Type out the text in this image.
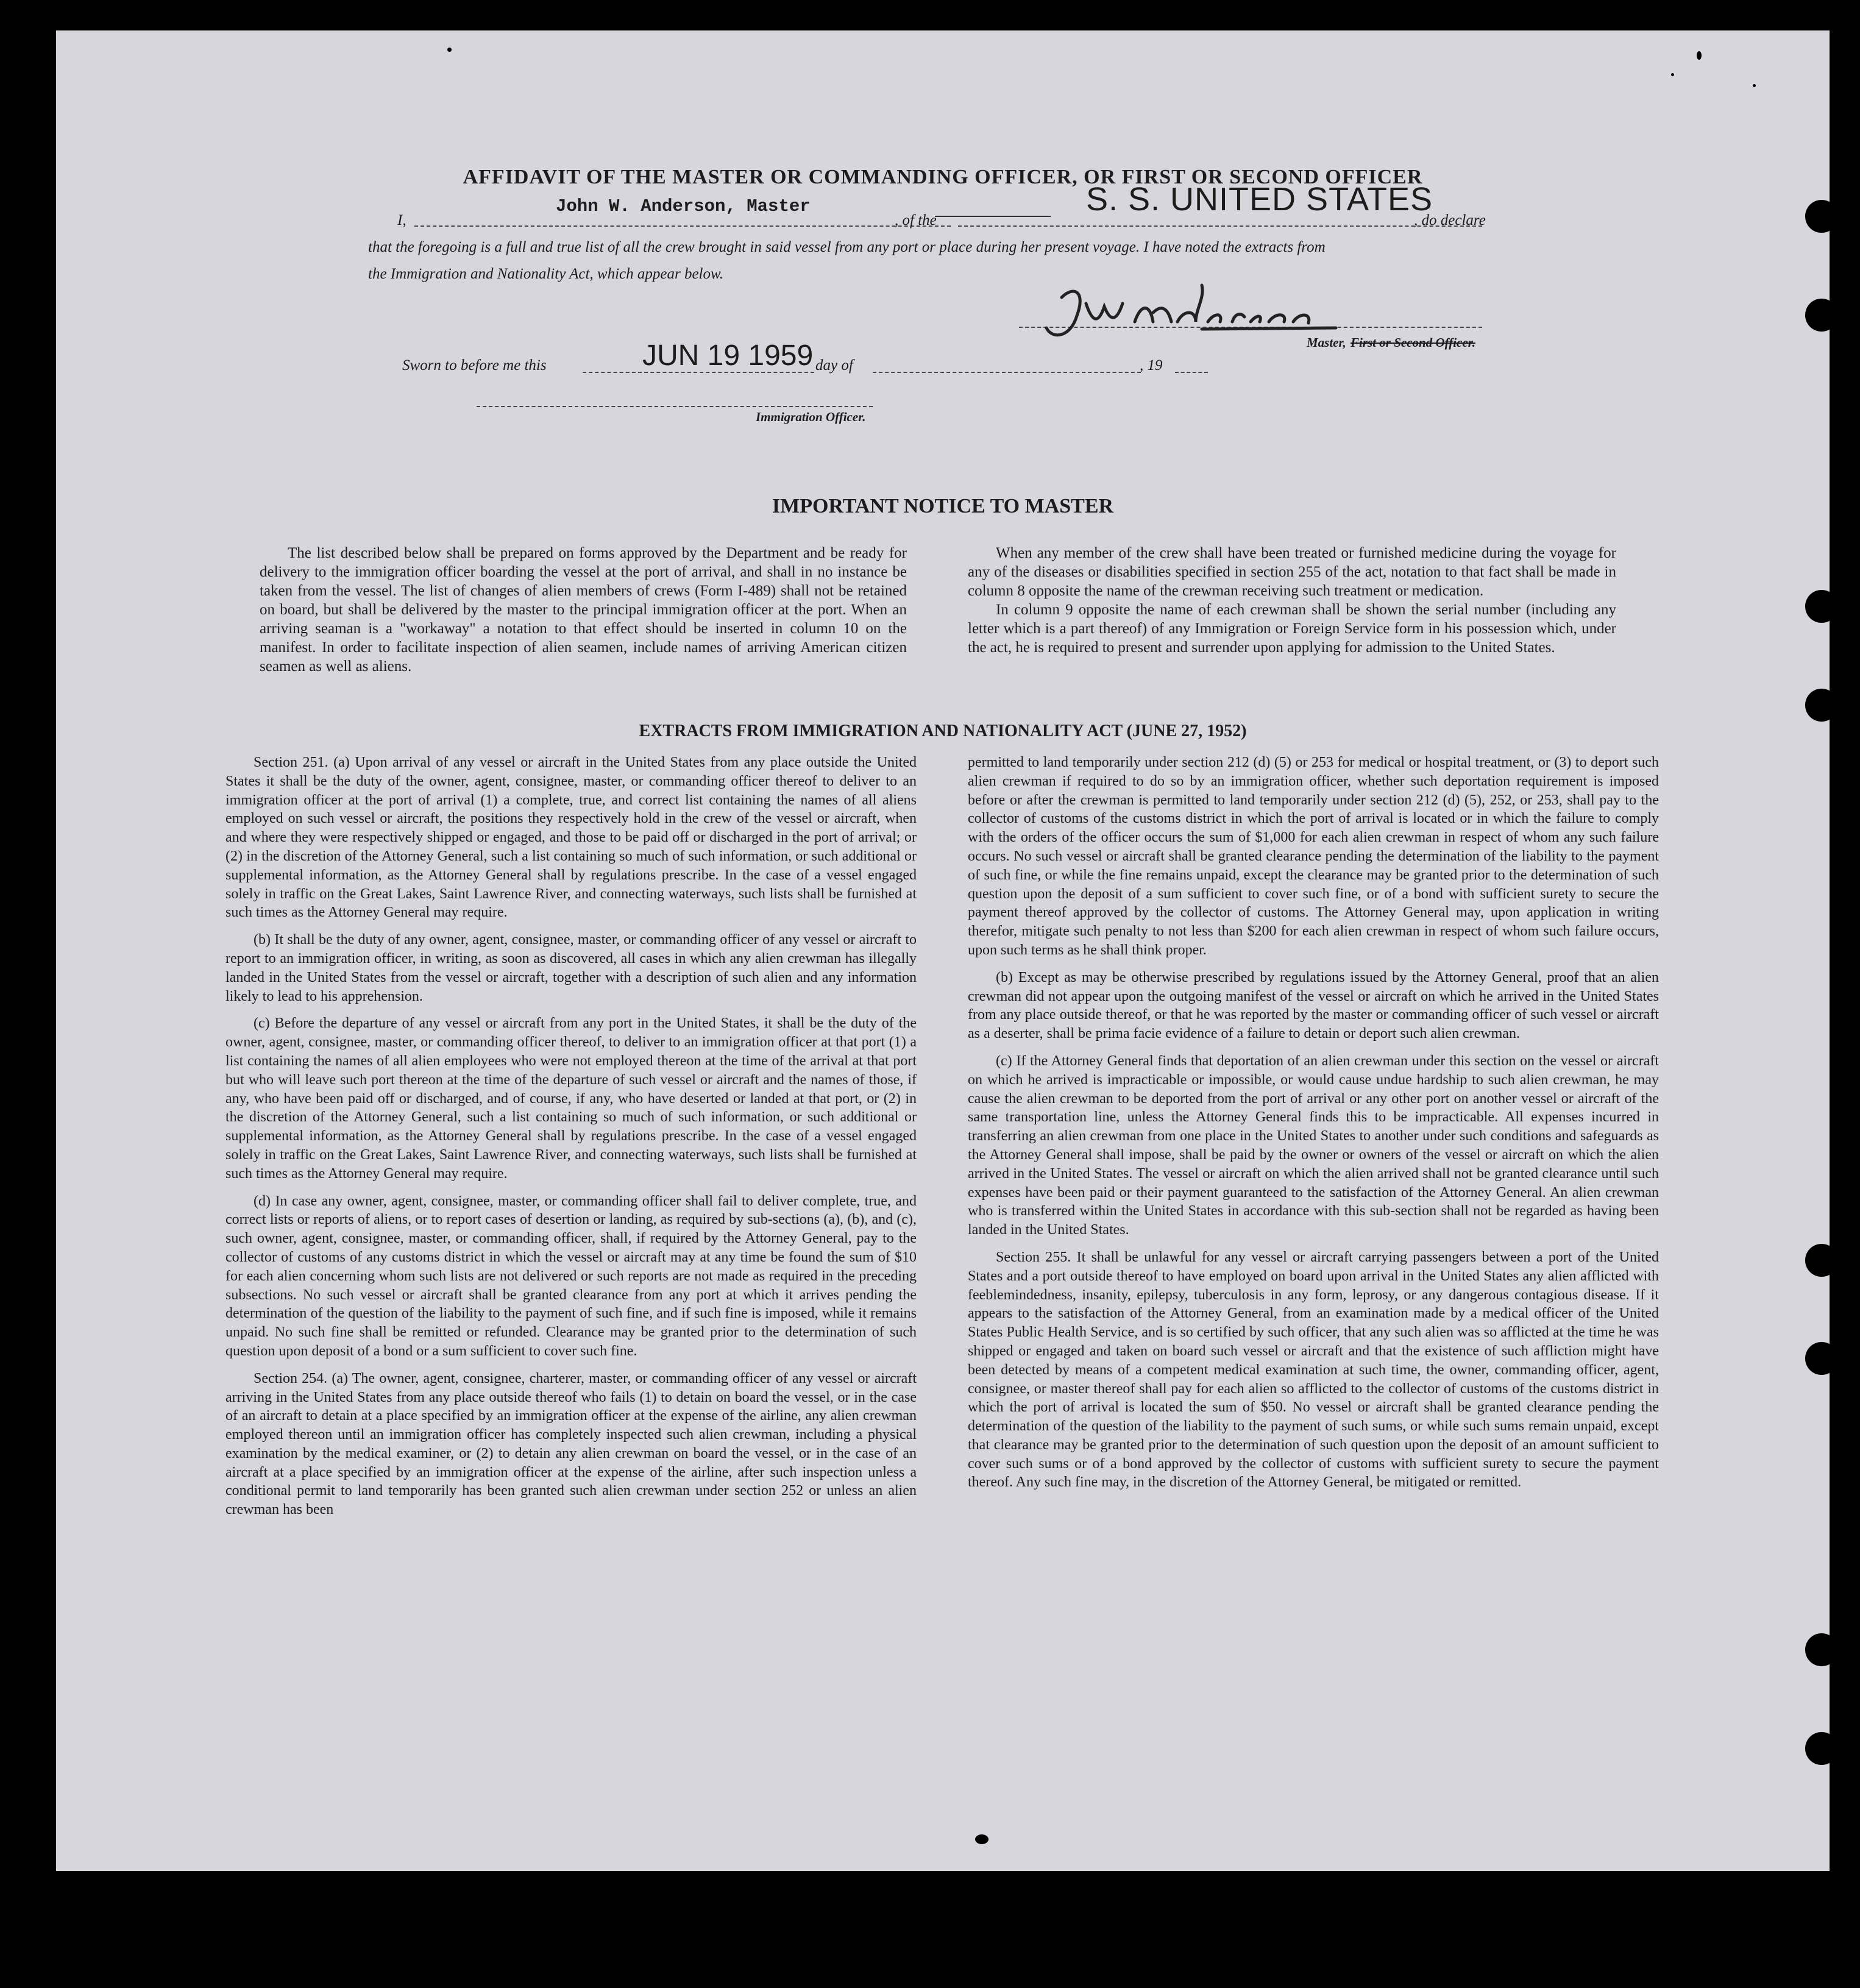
AFFIDAVIT OF THE MASTER OR COMMANDING OFFICER, OR FIRST OR SECOND OFFICER
I,
John W. Anderson, Master
, of the
S. S. UNITED STATES
, do declare
that the foregoing is a full and true list of all the crew brought in said vessel from any port or place during her present voyage. I have noted the extracts from
the Immigration and Nationality Act, which appear below.
Master, First or Second Officer.
Sworn to before me this	JUN 19 1959 day of	, 19
Immigration Officer.
IMPORTANT NOTICE TO MASTER

The list described below shall be prepared on forms approved by the Department and be ready for delivery to the immigration officer boarding the vessel at the port of arrival, and shall in no instance be taken from the vessel. The list of changes of alien members of crews (Form I-489) shall not be retained on board, but shall be delivered by the master to the principal immigration officer at the port. When an arriving seaman is a "workaway" a notation to that effect should be inserted in column 10 on the manifest. In order to facilitate inspection of alien seamen, include names of arriving American citizen seamen as well as aliens.

When any member of the crew shall have been treated or furnished medicine during the voyage for any of the diseases or disabilities specified in section 255 of the act, notation to that fact shall be made in column 8 opposite the name of the crewman receiving such treatment or medication.

In column 9 opposite the name of each crewman shall be shown the serial number (including any letter which is a part thereof) of any Immigration or Foreign Service form in his possession which, under the act, he is required to present and surrender upon applying for admission to the United States.

EXTRACTS FROM IMMIGRATION AND NATIONALITY ACT (JUNE 27, 1952)

Section 251. (a) Upon arrival of any vessel or aircraft in the United States from any place outside the United States it shall be the duty of the owner, agent, consignee, master, or commanding officer thereof to deliver to an immigration officer at the port of arrival (1) a complete, true, and correct list containing the names of all aliens employed on such vessel or aircraft, the positions they respectively hold in the crew of the vessel or aircraft, when and where they were respectively shipped or engaged, and those to be paid off or discharged in the port of arrival; or (2) in the discretion of the Attorney General, such a list containing so much of such information, or such additional or supplemental information, as the Attorney General shall by regulations prescribe. In the case of a vessel engaged solely in traffic on the Great Lakes, Saint Lawrence River, and connecting waterways, such lists shall be furnished at such times as the Attorney General may require.

(b) It shall be the duty of any owner, agent, consignee, master, or commanding officer of any vessel or aircraft to report to an immigration officer, in writing, as soon as discovered, all cases in which any alien crewman has illegally landed in the United States from the vessel or aircraft, together with a description of such alien and any information likely to lead to his apprehension.

(c) Before the departure of any vessel or aircraft from any port in the United States, it shall be the duty of the owner, agent, consignee, master, or commanding officer thereof, to deliver to an immigration officer at that port (1) a list containing the names of all alien employees who were not employed thereon at the time of the arrival at that port but who will leave such port thereon at the time of the departure of such vessel or aircraft and the names of those, if any, who have been paid off or discharged, and of course, if any, who have deserted or landed at that port, or (2) in the discretion of the Attorney General, such a list containing so much of such information, or such additional or supplemental information, as the Attorney General shall by regulations prescribe. In the case of a vessel engaged solely in traffic on the Great Lakes, Saint Lawrence River, and connecting waterways, such lists shall be furnished at such times as the Attorney General may require.

(d) In case any owner, agent, consignee, master, or commanding officer shall fail to deliver complete, true, and correct lists or reports of aliens, or to report cases of desertion or landing, as required by sub-sections (a), (b), and (c), such owner, agent, consignee, master, or commanding officer, shall, if required by the Attorney General, pay to the collector of customs of any customs district in which the vessel or aircraft may at any time be found the sum of $10 for each alien concerning whom such lists are not delivered or such reports are not made as required in the preceding subsections. No such vessel or aircraft shall be granted clearance from any port at which it arrives pending the determination of the question of the liability to the payment of such fine, and if such fine is imposed, while it remains unpaid. No such fine shall be remitted or refunded. Clearance may be granted prior to the determination of such question upon deposit of a bond or a sum sufficient to cover such fine.

Section 254. (a) The owner, agent, consignee, charterer, master, or commanding officer of any vessel or aircraft arriving in the United States from any place outside thereof who fails (1) to detain on board the vessel, or in the case of an aircraft to detain at a place specified by an immigration officer at the expense of the airline, any alien crewman employed thereon until an immigration officer has completely inspected such alien crewman, including a physical examination by the medical examiner, or (2) to detain any alien crewman on board the vessel, or in the case of an aircraft at a place specified by an immigration officer at the expense of the airline, after such inspection unless a conditional permit to land temporarily has been granted such alien crewman under section 252 or unless an alien crewman has been

permitted to land temporarily under section 212 (d) (5) or 253 for medical or hospital treatment, or (3) to deport such alien crewman if required to do so by an immigration officer, whether such deportation requirement is imposed before or after the crewman is permitted to land temporarily under section 212 (d) (5), 252, or 253, shall pay to the collector of customs of the customs district in which the port of arrival is located or in which the failure to comply with the orders of the officer occurs the sum of $1,000 for each alien crewman in respect of whom any such failure occurs. No such vessel or aircraft shall be granted clearance pending the determination of the liability to the payment of such fine, or while the fine remains unpaid, except the clearance may be granted prior to the determination of such question upon the deposit of a sum sufficient to cover such fine, or of a bond with sufficient surety to secure the payment thereof approved by the collector of customs. The Attorney General may, upon application in writing therefor, mitigate such penalty to not less than $200 for each alien crewman in respect of whom such failure occurs, upon such terms as he shall think proper.

(b) Except as may be otherwise prescribed by regulations issued by the Attorney General, proof that an alien crewman did not appear upon the outgoing manifest of the vessel or aircraft on which he arrived in the United States from any place outside thereof, or that he was reported by the master or commanding officer of such vessel or aircraft as a deserter, shall be prima facie evidence of a failure to detain or deport such alien crewman.

(c) If the Attorney General finds that deportation of an alien crewman under this section on the vessel or aircraft on which he arrived is impracticable or impossible, or would cause undue hardship to such alien crewman, he may cause the alien crewman to be deported from the port of arrival or any other port on another vessel or aircraft of the same transportation line, unless the Attorney General finds this to be impracticable. All expenses incurred in transferring an alien crewman from one place in the United States to another under such conditions and safeguards as the Attorney General shall impose, shall be paid by the owner or owners of the vessel or aircraft on which the alien arrived in the United States. The vessel or aircraft on which the alien arrived shall not be granted clearance until such expenses have been paid or their payment guaranteed to the satisfaction of the Attorney General. An alien crewman who is transferred within the United States in accordance with this sub-section shall not be regarded as having been landed in the United States.

Section 255. It shall be unlawful for any vessel or aircraft carrying passengers between a port of the United States and a port outside thereof to have employed on board upon arrival in the United States any alien afflicted with feeblemindedness, insanity, epilepsy, tuberculosis in any form, leprosy, or any dangerous contagious disease. If it appears to the satisfaction of the Attorney General, from an examination made by a medical officer of the United States Public Health Service, and is so certified by such officer, that any such alien was so afflicted at the time he was shipped or engaged and taken on board such vessel or aircraft and that the existence of such affliction might have been detected by means of a competent medical examination at such time, the owner, commanding officer, agent, consignee, or master thereof shall pay for each alien so afflicted to the collector of customs of the customs district in which the port of arrival is located the sum of $50. No vessel or aircraft shall be granted clearance pending the determination of the question of the liability to the payment of such sums, or while such sums remain unpaid, except that clearance may be granted prior to the determination of such question upon the deposit of an amount sufficient to cover such sums or of a bond approved by the collector of customs with sufficient surety to secure the payment thereof. Any such fine may, in the discretion of the Attorney General, be mitigated or remitted.
